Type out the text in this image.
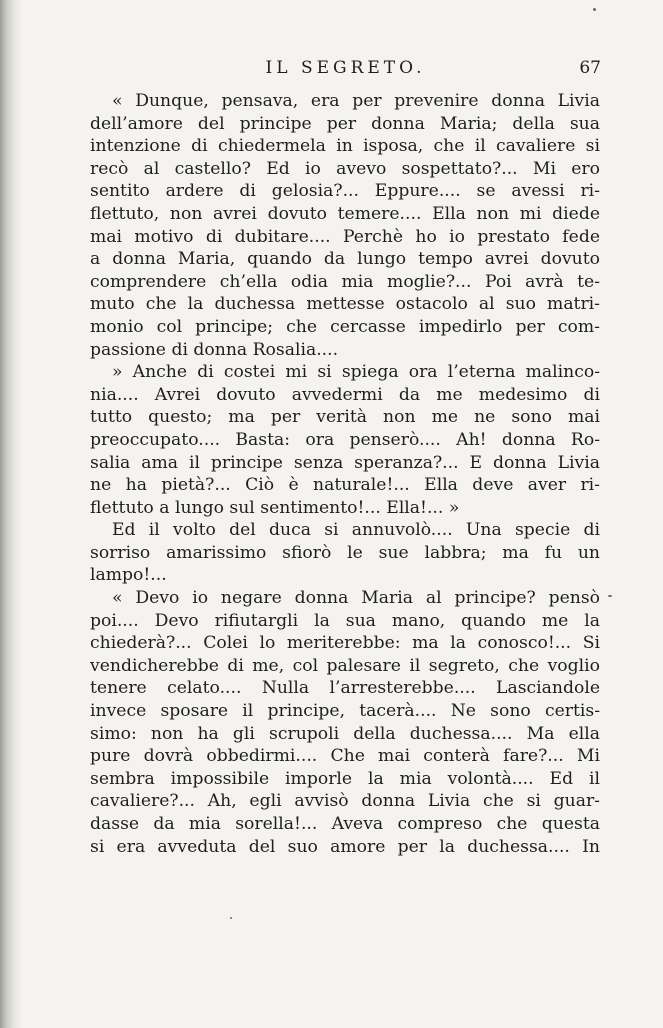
IL SEGRETO.	67
« Dunque, pensava, era per prevenire donna Livia
dell’amore del principe per donna Maria; della sua
intenzione di chiedermela in isposa, che il cavaliere si
recò al castello? Ed io avevo sospettato?... Mi ero
sentito ardere di gelosia?... Eppure.... se avessi ri-
flettuto, non avrei dovuto temere.... Ella non mi diede
mai motivo di dubitare.... Perchè ho io prestato fede
a donna Maria, quando da lungo tempo avrei dovuto
comprendere ch’ella odia mia moglie?... Poi avrà te-
muto che la duchessa mettesse ostacolo al suo matri-
monio col principe; che cercasse impedirlo per com-
passione di donna Rosalia....
» Anche di costei mi si spiega ora l’eterna malinco-
nia.... Avrei dovuto avvedermi da me medesimo di
tutto questo; ma per verità non me ne sono mai
preoccupato.... Basta: ora penserò.... Ah! donna Ro-
salia ama il principe senza speranza?... E donna Livia
ne ha pietà?... Ciò è naturale!... Ella deve aver ri-
flettuto a lungo sul sentimento!... Ella!... »
Ed il volto del duca si annuvolò.... Una specie di
sorriso amarissimo sfiorò le sue labbra; ma fu un
lampo!...
« Devo io negare donna Maria al principe? pensò
poi.... Devo rifiutargli la sua mano, quando me la
chiederà?... Colei lo meriterebbe: ma la conosco!... Si
vendicherebbe di me, col palesare il segreto, che voglio
tenere celato.... Nulla l’arresterebbe.... Lasciandole
invece sposare il principe, tacerà.... Ne sono certis-
simo: non ha gli scrupoli della duchessa.... Ma ella
pure dovrà obbedirmi.... Che mai conterà fare?... Mi
sembra impossibile imporle la mia volontà.... Ed il
cavaliere?... Ah, egli avvisò donna Livia che si guar-
dasse da mia sorella!... Aveva compreso che questa
si era avveduta del suo amore per la duchessa.... In
